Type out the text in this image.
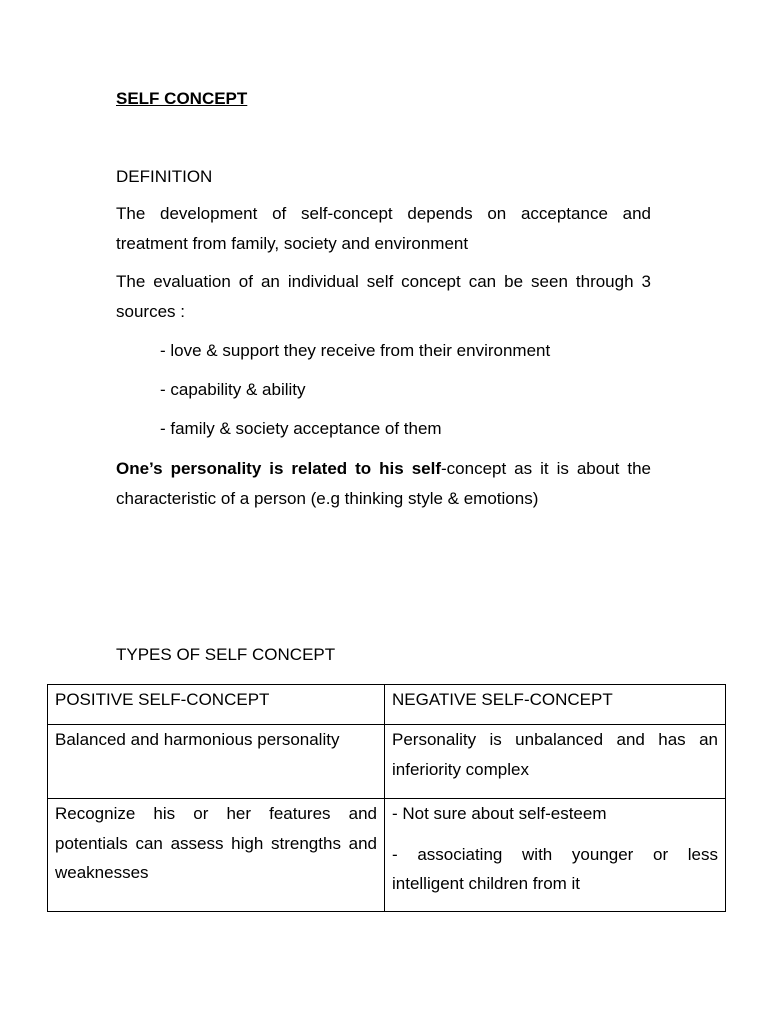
SELF CONCEPT
DEFINITION

The development of self-concept depends on acceptance and treatment from family, society and environment

The evaluation of an individual self concept can be seen through 3 sources :

- love & support they receive from their environment
- capability & ability
- family & society acceptance of them

One’s personality is related to his self-concept as it is about the characteristic of a person (e.g thinking style & emotions)

TYPES OF SELF CONCEPT
POSITIVE SELF-CONCEPT	NEGATIVE SELF-CONCEPT
Balanced and harmonious personality	Personality is unbalanced and has an inferiority complex
Recognize his or her features and potentials can assess high strengths and weaknesses	- Not sure about self-esteem
- associating with younger or less intelligent children from it
